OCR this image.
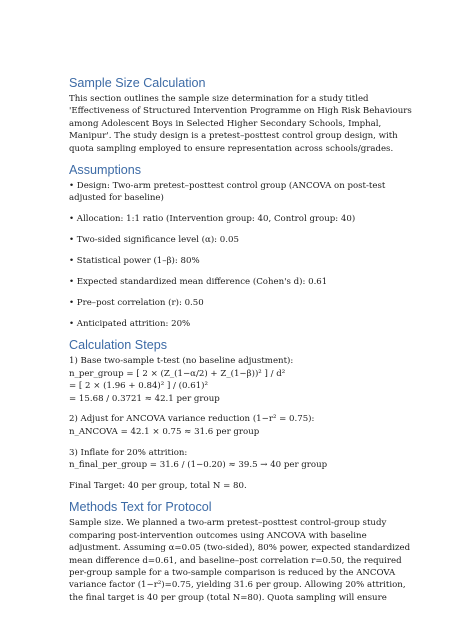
Sample Size Calculation

This section outlines the sample size determination for a study titled 'Effectiveness of Structured Intervention Programme on High Risk Behaviours among Adolescent Boys in Selected Higher Secondary Schools, Imphal, Manipur'. The study design is a pretest–posttest control group design, with quota sampling employed to ensure representation across schools/grades.

Assumptions

• Design: Two-arm pretest–posttest control group (ANCOVA on post-test adjusted for baseline)

• Allocation: 1:1 ratio (Intervention group: 40, Control group: 40)

• Two-sided significance level (α): 0.05

• Statistical power (1–β): 80%

• Expected standardized mean difference (Cohen's d): 0.61

• Pre–post correlation (r): 0.50

• Anticipated attrition: 20%

Calculation Steps

1) Base two-sample t-test (no baseline adjustment):
n_per_group = [ 2 × (Z_(1−α/2) + Z_(1−β))² ] / d²
= [ 2 × (1.96 + 0.84)² ] / (0.61)²
= 15.68 / 0.3721 ≈ 42.1 per group

2) Adjust for ANCOVA variance reduction (1−r² = 0.75):
n_ANCOVA = 42.1 × 0.75 ≈ 31.6 per group

3) Inflate for 20% attrition:
n_final_per_group = 31.6 / (1−0.20) ≈ 39.5 → 40 per group

Final Target: 40 per group, total N = 80.

Methods Text for Protocol

Sample size. We planned a two-arm pretest–posttest control-group study comparing post-intervention outcomes using ANCOVA with baseline adjustment. Assuming α=0.05 (two-sided), 80% power, expected standardized mean difference d=0.61, and baseline–post correlation r=0.50, the required per-group sample for a two-sample comparison is reduced by the ANCOVA variance factor (1−r²)=0.75, yielding 31.6 per group. Allowing 20% attrition, the final target is 40 per group (total N=80). Quota sampling will ensure
